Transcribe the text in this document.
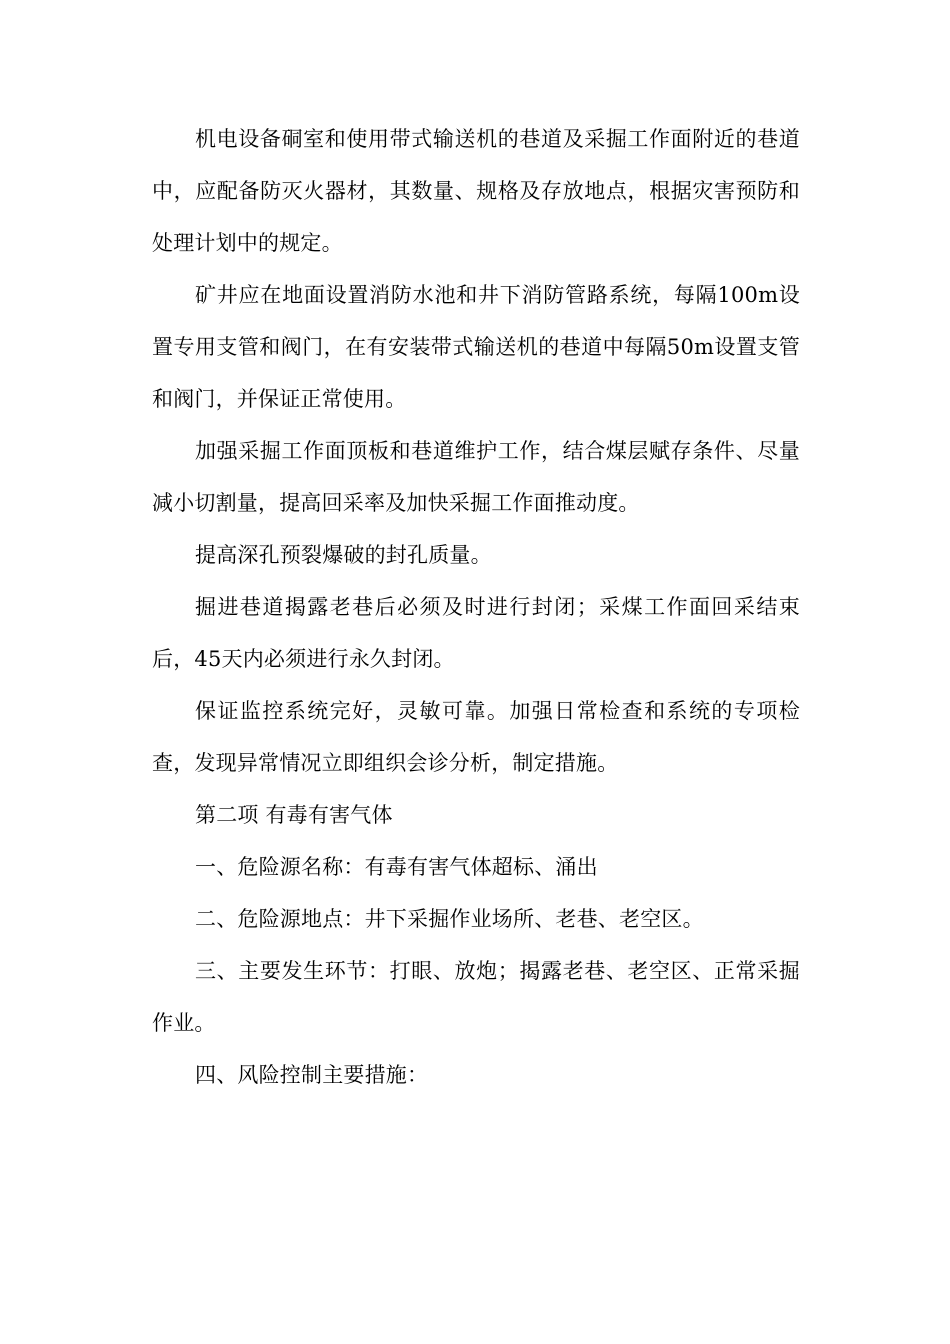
机电设备硐室和使用带式输送机的巷道及采掘工作面附近的巷道中，应配备防灭火器材，其数量、规格及存放地点，根据灾害预防和处理计划中的规定。

矿井应在地面设置消防水池和井下消防管路系统，每隔100m设置专用支管和阀门，在有安装带式输送机的巷道中每隔50m设置支管和阀门，并保证正常使用。

加强采掘工作面顶板和巷道维护工作，结合煤层赋存条件、尽量减小切割量，提高回采率及加快采掘工作面推动度。

提高深孔预裂爆破的封孔质量。

掘进巷道揭露老巷后必须及时进行封闭；采煤工作面回采结束后，45天内必须进行永久封闭。

保证监控系统完好，灵敏可靠。加强日常检查和系统的专项检查，发现异常情况立即组织会诊分析，制定措施。

第二项 有毒有害气体

一、危险源名称：有毒有害气体超标、涌出

二、危险源地点：井下采掘作业场所、老巷、老空区。

三、主要发生环节：打眼、放炮；揭露老巷、老空区、正常采掘作业。

四、风险控制主要措施：
